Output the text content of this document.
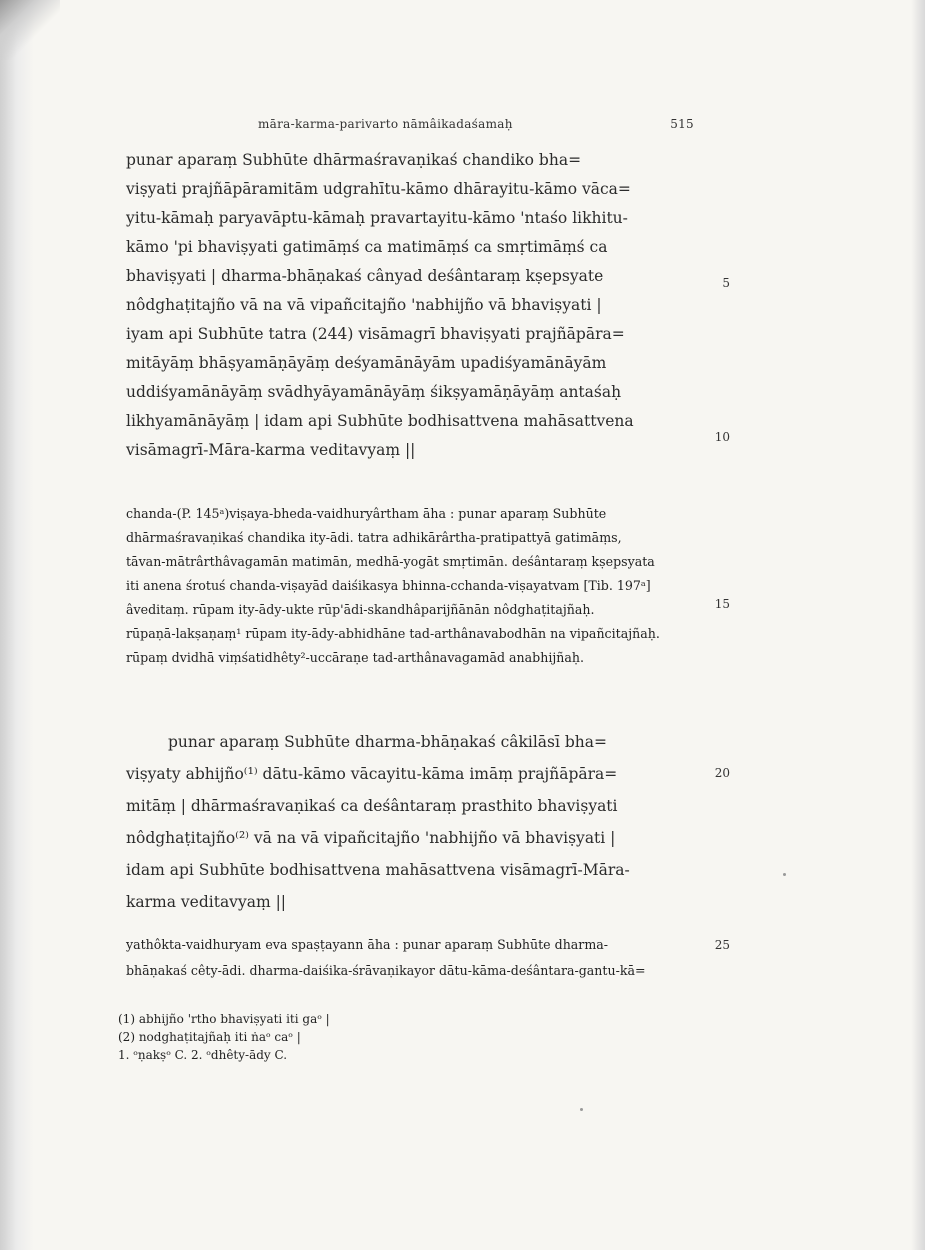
māra-karma-parivarto nāmâikadaśamaḥ	515
punar aparaṃ Subhūte dhārmaśravaṇikaś chandiko bha=
viṣyati prajñāpāramitām udgrahītu-kāmo dhārayitu-kāmo vāca=
yitu-kāmaḥ paryavāptu-kāmaḥ pravartayitu-kāmo 'ntaśo likhitu-
kāmo 'pi bhaviṣyati gatimāṃś ca matimāṃś ca smṛtimāṃś ca
bhaviṣyati | dharma-bhāṇakaś cânyad deśântaraṃ kṣepsyate
nôdghaṭitajño vā na vā vipañcitajño 'nabhijño vā bhaviṣyati |
iyam api Subhūte tatra (244) visāmagrī bhaviṣyati prajñāpāra=
mitāyāṃ bhāṣyamāṇāyāṃ deśyamānāyām upadiśyamānāyām
uddiśyamānāyāṃ svādhyāyamānāyāṃ śikṣyamāṇāyāṃ antaśaḥ
likhyamānāyāṃ | idam api Subhūte bodhisattvena mahāsattvena
visāmagrī-Māra-karma veditavyaṃ ||
chanda-(P. 145ᵃ)viṣaya-bheda-vaidhuryârtham āha : punar aparaṃ Subhūte
dhārmaśravaṇikaś chandika ity-ādi. tatra adhikārârtha-pratipattyā gatimāṃs,
tāvan-mātrârthâvagamān matimān, medhā-yogāt smṛtimān. deśântaraṃ kṣepsyata
iti anena śrotuś chanda-viṣayād daiśikasya bhinna-cchanda-viṣayatvam [Tib. 197ᵃ]
âveditaṃ. rūpam ity-ādy-ukte rūp'ādi-skandhâparijñānān nôdghaṭitajñaḥ.
rūpaṇā-lakṣaṇaṃ¹ rūpam ity-ādy-abhidhāne tad-arthânavabodhān na vipañcitajñaḥ.
rūpaṃ dvidhā viṃśatidhêty²-uccāraṇe tad-arthânavagamād anabhijñaḥ.
punar aparaṃ Subhūte dharma-bhāṇakaś câkilāsī bha=
viṣyaty abhijño⁽¹⁾ dātu-kāmo vācayitu-kāma imāṃ prajñāpāra=
mitāṃ | dhārmaśravaṇikaś ca deśântaraṃ prasthito bhaviṣyati
nôdghaṭitajño⁽²⁾ vā na vā vipañcitajño 'nabhijño vā bhaviṣyati |
idam api Subhūte bodhisattvena mahāsattvena visāmagrī-Māra-
karma veditavyaṃ ||
yathôkta-vaidhuryam eva spaṣṭayann āha : punar aparaṃ Subhūte dharma-
bhāṇakaś cêty-ādi. dharma-daiśika-śrāvaṇikayor dātu-kāma-deśântara-gantu-kā=
5
10
15
20
25
(1) abhijño 'rtho bhaviṣyati iti gaᵒ |
(2) nodghaṭitajñaḥ iti ṅaᵒ caᵒ |
1. ᵒṇakṣᵒ C. 2. ᵒdhêty-ādy C.
